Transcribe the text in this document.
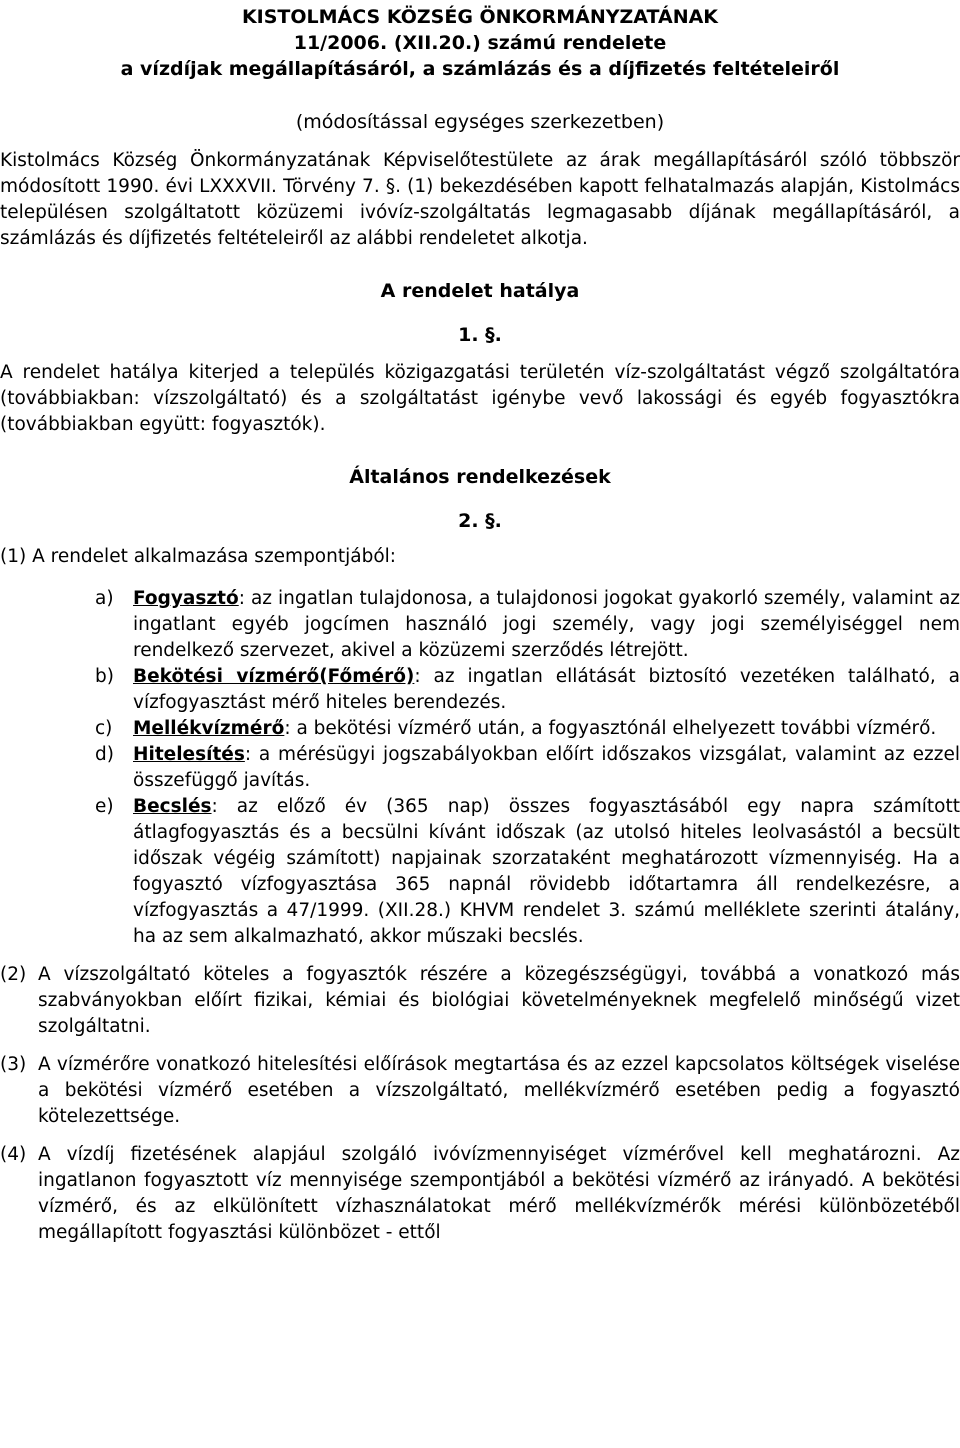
KISTOLMÁCS KÖZSÉG ÖNKORMÁNYZATÁNAK
11/2006. (XII.20.) számú rendelete
a vízdíjak megállapításáról, a számlázás és a díjfizetés feltételeiről
(módosítással egységes szerkezetben)
Kistolmács Község Önkormányzatának Képviselőtestülete az árak megállapításáról szóló többször módosított 1990. évi LXXXVII. Törvény 7. §. (1) bekezdésében kapott felhatalmazás alapján, Kistolmács településen szolgáltatott közüzemi ivóvíz-szolgáltatás legmagasabb díjának megállapításáról, a számlázás és díjfizetés feltételeiről az alábbi rendeletet alkotja.
A rendelet hatálya
1. §.
A rendelet hatálya kiterjed a település közigazgatási területén víz-szolgáltatást végző szolgáltatóra (továbbiakban: vízszolgáltató) és a szolgáltatást igénybe vevő lakossági és egyéb fogyasztókra (továbbiakban együtt: fogyasztók).
Általános rendelkezések
2. §.
(1) A rendelet alkalmazása szempontjából:
a)	Fogyasztó: az ingatlan tulajdonosa, a tulajdonosi jogokat gyakorló személy, valamint az ingatlant egyéb jogcímen használó jogi személy, vagy jogi személyiséggel nem rendelkező szervezet, akivel a közüzemi szerződés létrejött.
b)	Bekötési vízmérő(Főmérő): az ingatlan ellátását biztosító vezetéken található, a vízfogyasztást mérő hiteles berendezés.
c)	Mellékvízmérő: a bekötési vízmérő után, a fogyasztónál elhelyezett további vízmérő.
d)	Hitelesítés: a mérésügyi jogszabályokban előírt időszakos vizsgálat, valamint az ezzel összefüggő javítás.
e)	Becslés: az előző év (365 nap) összes fogyasztásából egy napra számított átlagfogyasztás és a becsülni kívánt időszak (az utolsó hiteles leolvasástól a becsült időszak végéig számított) napjainak szorzataként meghatározott vízmennyiség. Ha a fogyasztó vízfogyasztása 365 napnál rövidebb időtartamra áll rendelkezésre, a vízfogyasztás a 47/1999. (XII.28.) KHVM rendelet 3. számú melléklete szerinti átalány, ha az sem alkalmazható, akkor műszaki becslés.
(2) A vízszolgáltató köteles a fogyasztók részére a közegészségügyi, továbbá a vonatkozó más szabványokban előírt fizikai, kémiai és biológiai követelményeknek megfelelő minőségű vizet szolgáltatni.
(3) A vízmérőre vonatkozó hitelesítési előírások megtartása és az ezzel kapcsolatos költségek viselése a bekötési vízmérő esetében a vízszolgáltató, mellékvízmérő esetében pedig a fogyasztó kötelezettsége.
(4) A vízdíj fizetésének alapjául szolgáló ivóvízmennyiséget vízmérővel kell meghatározni. Az ingatlanon fogyasztott víz mennyisége szempontjából a bekötési vízmérő az irányadó. A bekötési vízmérő, és az elkülönített vízhasználatokat mérő mellékvízmérők mérési különbözetéből megállapított fogyasztási különbözet - ettől
